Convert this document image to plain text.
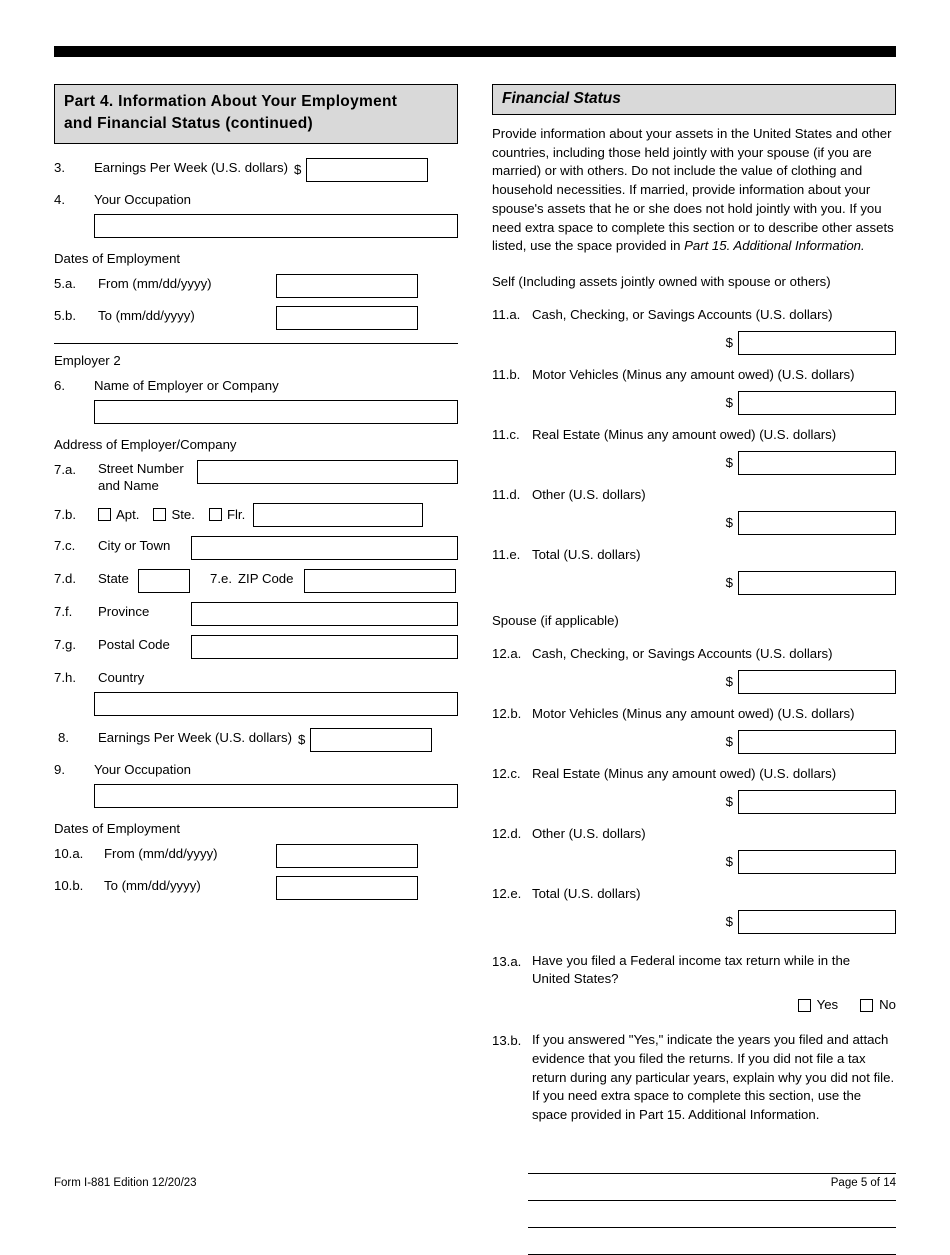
Part 4. Information About Your Employment
and Financial Status (continued)
3.	Earnings Per Week (U.S. dollars) $
4.	Your Occupation
Dates of Employment
5.a.	From (mm/dd/yyyy)
5.b.	To (mm/dd/yyyy)
Employer 2
6.	Name of Employer or Company
Address of Employer/Company
7.a.	Street Number
and Name
7.b.	Apt. Ste. Flr.
7.c.	City or Town
7.d.	State	7.e. ZIP Code
7.f.	Province
7.g.	Postal Code
7.h.	Country
8.	Earnings Per Week (U.S. dollars) $
9.	Your Occupation
Dates of Employment
10.a.	From (mm/dd/yyyy)
10.b.	To (mm/dd/yyyy)
Financial Status
Provide information about your assets in the United States and other countries, including those held jointly with your spouse (if you are married) or with others. Do not include the value of clothing and household necessities. If married, provide information about your spouse's assets that he or she does not hold jointly with you. If you need extra space to complete this section or to describe other assets listed, use the space provided in Part 15. Additional Information.
Self (Including assets jointly owned with spouse or others)
11.a. Cash, Checking, or Savings Accounts (U.S. dollars)
$
11.b. Motor Vehicles (Minus any amount owed) (U.S. dollars)
$
11.c. Real Estate (Minus any amount owed) (U.S. dollars)
$
11.d. Other (U.S. dollars)
$
11.e. Total (U.S. dollars)
$
Spouse (if applicable)
12.a. Cash, Checking, or Savings Accounts (U.S. dollars)
$
12.b. Motor Vehicles (Minus any amount owed) (U.S. dollars)
$
12.c. Real Estate (Minus any amount owed) (U.S. dollars)
$
12.d. Other (U.S. dollars)
$
12.e. Total (U.S. dollars)
$
13.a. Have you filed a Federal income tax return while in the
United States?
Yes	No
13.b. If you answered "Yes," indicate the years you filed and attach evidence that you filed the returns. If you did not file a tax return during any particular years, explain why you did not file. If you need extra space to complete this section, use the space provided in Part 15. Additional Information.
Form I-881 Edition 12/20/23	Page 5 of 14
